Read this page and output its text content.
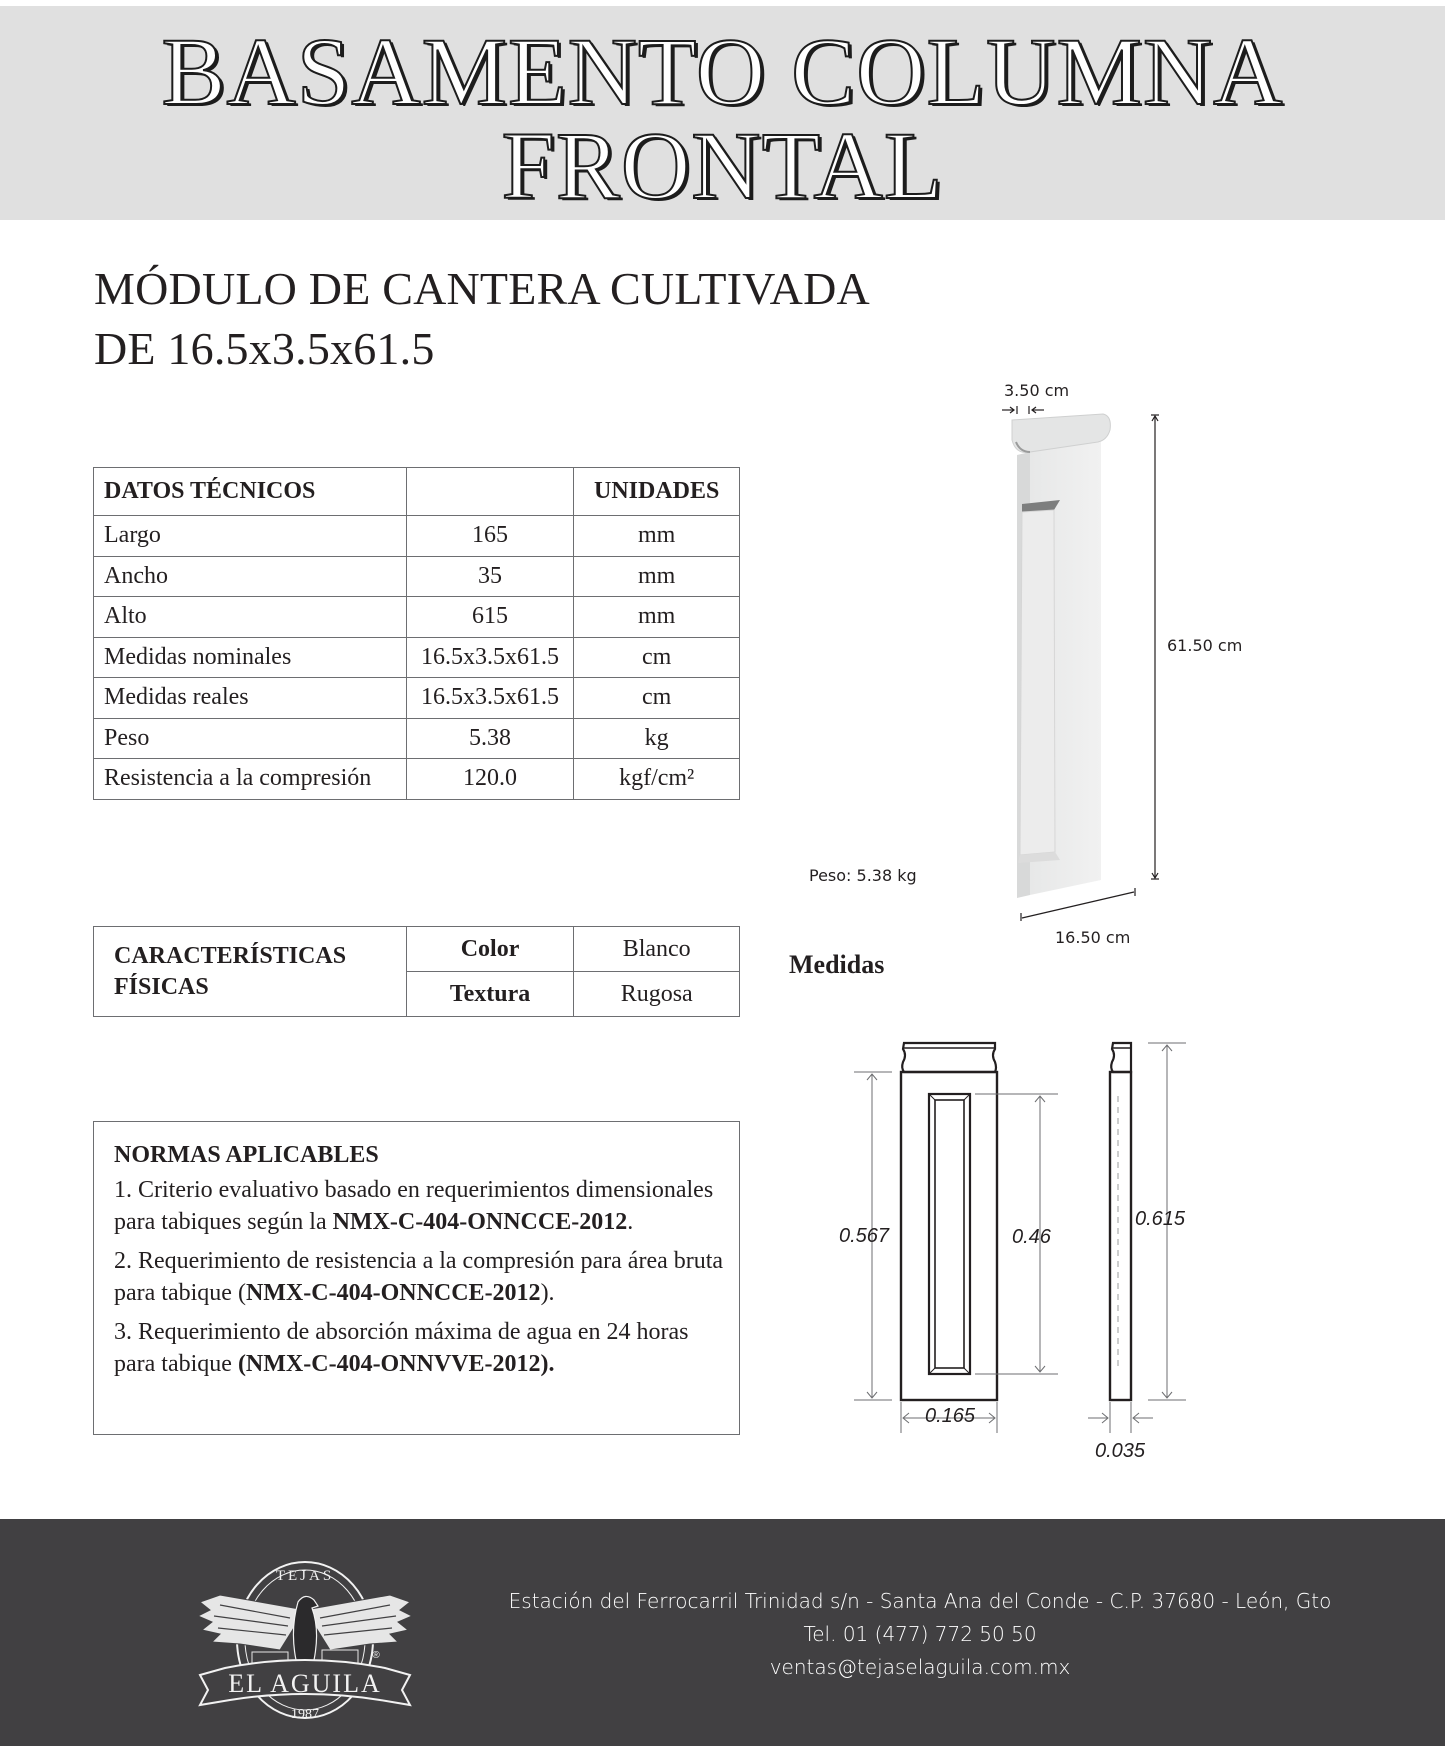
BASAMENTO COLUMNA
FRONTAL
MÓDULO DE CANTERA CULTIVADA
DE 16.5x3.5x61.5
DATOS TÉCNICOS		UNIDADES
Largo	165	mm
Ancho	35	mm
Alto	615	mm
Medidas nominales	16.5x3.5x61.5	cm
Medidas reales	16.5x3.5x61.5	cm
Peso	5.38	kg
Resistencia a la compresión	120.0	kgf/cm²
CARACTERÍSTICAS
FÍSICAS	Color	Blanco
	Textura	Rugosa
NORMAS APLICABLES
1. Criterio evaluativo basado en requerimientos dimensionales para tabiques según la NMX-C-404-ONNCCE-2012.
2. Requerimiento de resistencia a la compresión para área bruta para tabique (NMX-C-404-ONNCCE-2012).
3. Requerimiento de absorción máxima de agua en 24 horas para tabique (NMX-C-404-ONNVVE-2012).
3.50 cm
61.50 cm
16.50 cm
Peso: 5.38 kg
Medidas
0.567	0.46
0.165
0.615
0.035
TEJAS
EL AGUILA
1987
®
Estación del Ferrocarril Trinidad s/n - Santa Ana del Conde - C.P. 37680 - León, Gto
Tel. 01 (477) 772 50 50
ventas@tejaselaguila.com.mx
